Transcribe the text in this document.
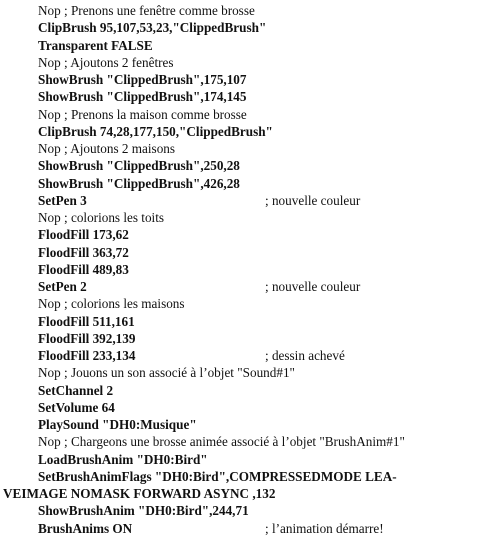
Nop ; Prenons une fenêtre comme brosse
ClipBrush 95,107,53,23,"ClippedBrush"
Transparent FALSE
Nop ; Ajoutons 2 fenêtres
ShowBrush "ClippedBrush",175,107
ShowBrush "ClippedBrush",174,145
Nop ; Prenons la maison comme brosse
ClipBrush 74,28,177,150,"ClippedBrush"
Nop ; Ajoutons 2 maisons
ShowBrush "ClippedBrush",250,28
ShowBrush "ClippedBrush",426,28
SetPen 3	; nouvelle couleur
Nop ; colorions les toits
FloodFill 173,62
FloodFill 363,72
FloodFill 489,83
SetPen 2	; nouvelle couleur
Nop ; colorions les maisons
FloodFill 511,161
FloodFill 392,139
FloodFill 233,134	; dessin achevé
Nop ; Jouons un son associé à l’objet "Sound#1"
SetChannel 2
SetVolume 64
PlaySound "DH0:Musique"
Nop ; Chargeons une brosse animée associé à l’objet "BrushAnim#1"
LoadBrushAnim "DH0:Bird"
SetBrushAnimFlags "DH0:Bird",COMPRESSEDMODE LEA-
VEIMAGE NOMASK FORWARD ASYNC ,132
ShowBrushAnim "DH0:Bird",244,71
BrushAnims ON	; l’animation démarre!
